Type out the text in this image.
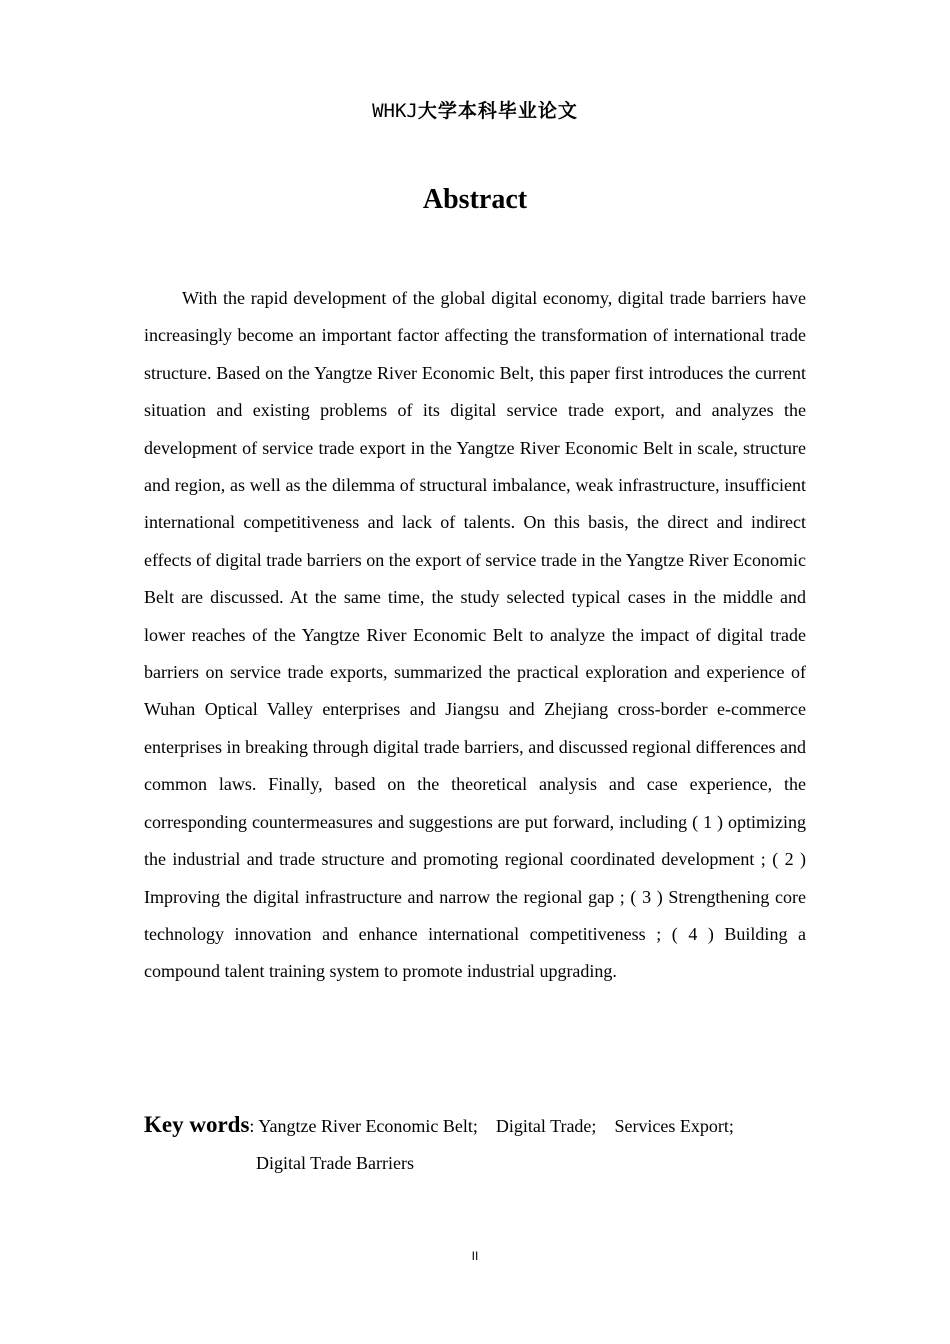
WHKJ大学本科毕业论文
Abstract

With the rapid development of the global digital economy, digital trade barriers have increasingly become an important factor affecting the transformation of international trade structure. Based on the Yangtze River Economic Belt, this paper first introduces the current situation and existing problems of its digital service trade export, and analyzes the development of service trade export in the Yangtze River Economic Belt in scale, structure and region, as well as the dilemma of structural imbalance, weak infrastructure, insufficient international competitiveness and lack of talents. On this basis, the direct and indirect effects of digital trade barriers on the export of service trade in the Yangtze River Economic Belt are discussed. At the same time, the study selected typical cases in the middle and lower reaches of the Yangtze River Economic Belt to analyze the impact of digital trade barriers on service trade exports, summarized the practical exploration and experience of Wuhan Optical Valley enterprises and Jiangsu and Zhejiang cross-border e-commerce enterprises in breaking through digital trade barriers, and discussed regional differences and common laws. Finally, based on the theoretical analysis and case experience, the corresponding countermeasures and suggestions are put forward, including ( 1 ) optimizing the industrial and trade structure and promoting regional coordinated development ; ( 2 ) Improving the digital infrastructure and narrow the regional gap ; ( 3 ) Strengthening core technology innovation and enhance international competitiveness ; ( 4 ) Building a compound talent training system to promote industrial upgrading.

Key words: Yangtze River Economic Belt; Digital Trade; Services Export;
Digital Trade Barriers
II
